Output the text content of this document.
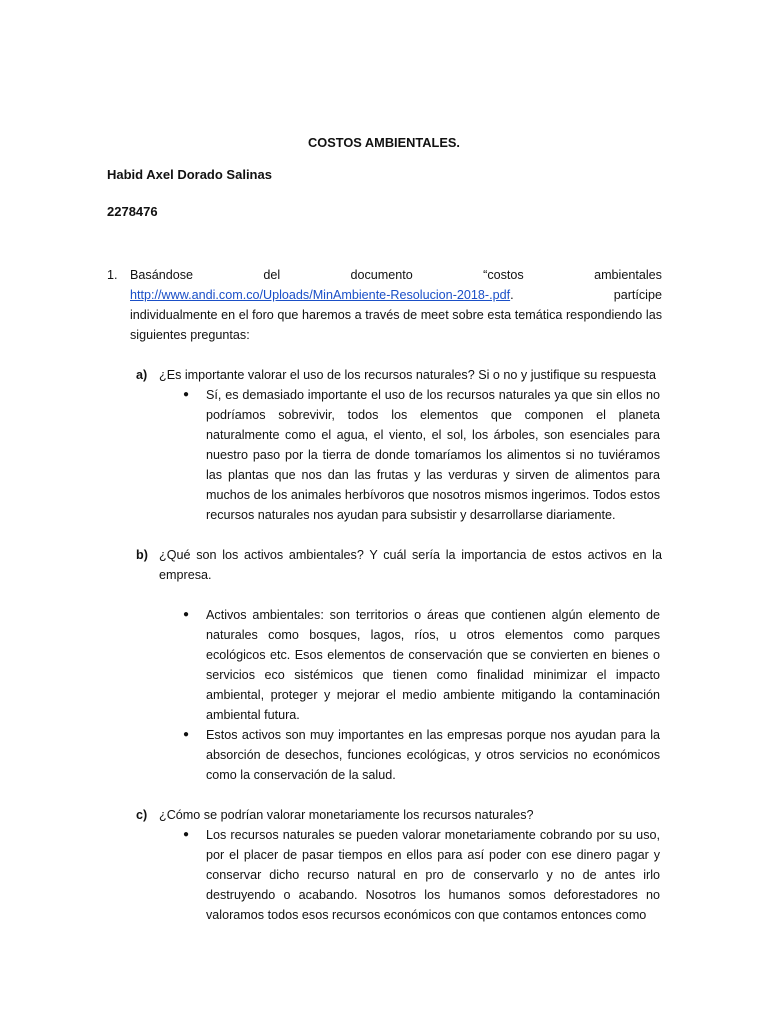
COSTOS AMBIENTALES.
Habid Axel Dorado Salinas
2278476
1. Basándose	del	documento	“costos	ambientales
http://www.andi.com.co/Uploads/MinAmbiente-Resolucion-2018-.pdf.	partícipe
individualmente en el foro que haremos a través de meet sobre esta temática respondiendo las siguientes preguntas:
a) ¿Es importante valorar el uso de los recursos naturales? Si o no y justifique su respuesta
● Sí, es demasiado importante el uso de los recursos naturales ya que sin ellos no podríamos sobrevivir, todos los elementos que componen el planeta naturalmente como el agua, el viento, el sol, los árboles, son esenciales para nuestro paso por la tierra de donde tomaríamos los alimentos si no tuviéramos las plantas que nos dan las frutas y las verduras y sirven de alimentos para muchos de los animales herbívoros que nosotros mismos ingerimos. Todos estos recursos naturales nos ayudan para subsistir y desarrollarse diariamente.
b) ¿Qué son los activos ambientales? Y cuál sería la importancia de estos activos en la empresa.
● Activos ambientales: son territorios o áreas que contienen algún elemento de naturales como bosques, lagos, ríos, u otros elementos como parques ecológicos etc. Esos elementos de conservación que se convierten en bienes o servicios eco sistémicos que tienen como finalidad minimizar el impacto ambiental, proteger y mejorar el medio ambiente mitigando la contaminación ambiental futura.
● Estos activos son muy importantes en las empresas porque nos ayudan para la absorción de desechos, funciones ecológicas, y otros servicios no económicos como la conservación de la salud.
c) ¿Cómo se podrían valorar monetariamente los recursos naturales?
● Los recursos naturales se pueden valorar monetariamente cobrando por su uso, por el placer de pasar tiempos en ellos para así poder con ese dinero pagar y conservar dicho recurso natural en pro de conservarlo y no de antes irlo destruyendo o acabando. Nosotros los humanos somos deforestadores no valoramos todos esos recursos económicos con que contamos entonces como
